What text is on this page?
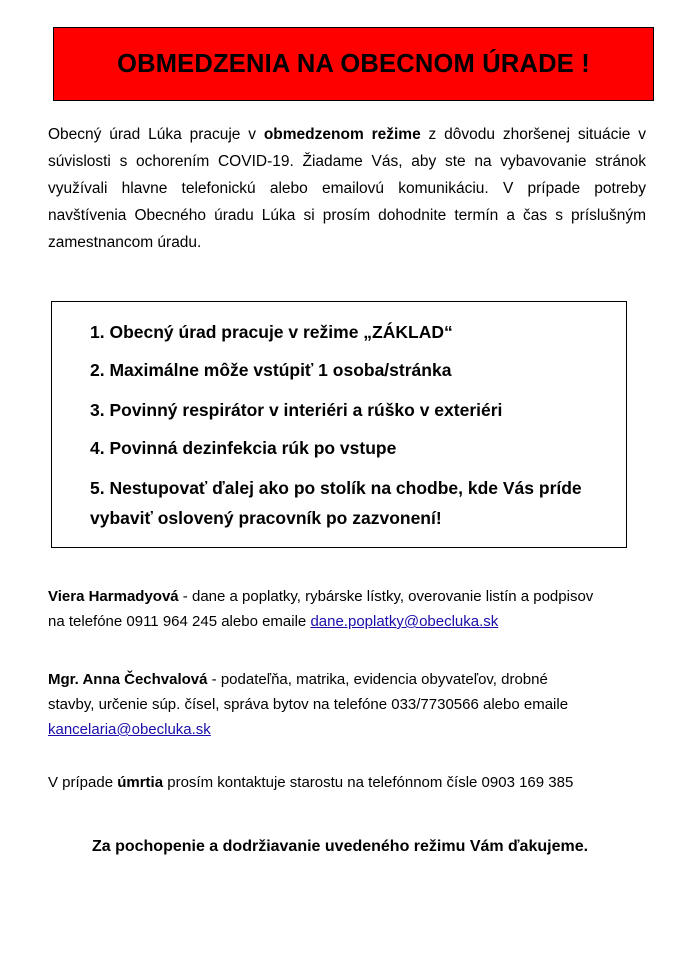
OBMEDZENIA NA OBECNOM ÚRADE !
Obecný úrad Lúka pracuje v obmedzenom režime z dôvodu zhoršenej situácie v súvislosti s ochorením COVID-19. Žiadame Vás, aby ste na vybavovanie stránok využívali hlavne telefonickú alebo emailovú komunikáciu. V prípade potreby navštívenia Obecného úradu Lúka si prosím dohodnite termín a čas s príslušným zamestnancom úradu.
1. Obecný úrad pracuje v režime „ZÁKLAD“
2. Maximálne môže vstúpiť 1 osoba/stránka
3. Povinný respirátor v interiéri a rúško v exteriéri
4. Povinná dezinfekcia rúk po vstupe
5. Nestupovať ďalej ako po stolík na chodbe, kde Vás príde vybaviť oslovený pracovník po zazvonení!
Viera Harmadyová - dane a poplatky, rybárske lístky, overovanie listín a podpisov na telefóne 0911 964 245 alebo emaile dane.poplatky@obecluka.sk
Mgr. Anna Čechvalová - podateľňa, matrika, evidencia obyvateľov, drobné stavby, určenie súp. čísel, správa bytov na telefóne 033/7730566 alebo emaile kancelaria@obecluka.sk
V prípade úmrtia prosím kontaktuje starostu na telefónnom čísle 0903 169 385
Za pochopenie a dodržiavanie uvedeného režimu Vám ďakujeme.
